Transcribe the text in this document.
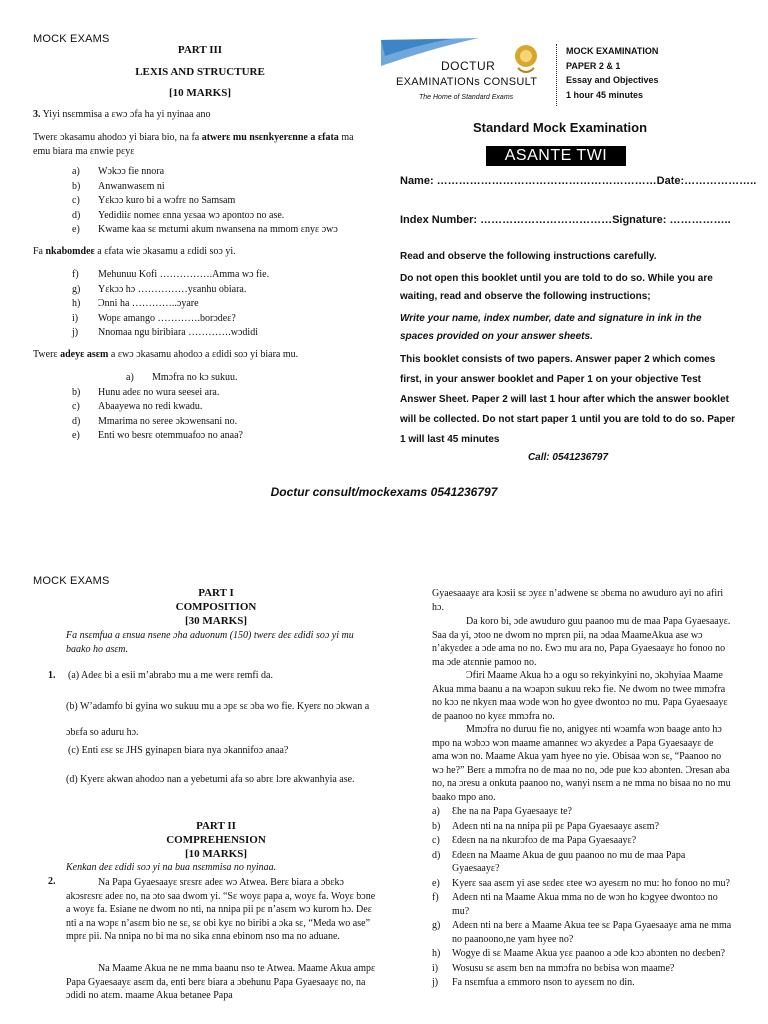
MOCK EXAMS
PART III
LEXIS AND STRUCTURE
[10 MARKS]
3. Yiyi nsɛmmisa a ɛwɔ ɔfa ha yi nyinaa ano
Twerɛ ɔkasamu ahodoɔ yi biara bio, na fa atwerɛ mu nsɛnkyerɛnne a ɛfata ma emu biara ma ɛnwie pɛyɛ
a)	Wɔkɔɔ fie nnora
b)	Anwanwasɛm ni
c)	Yɛkɔɔ kuro bi a wɔfrɛ no Samsam
d)	Yedidiiɛ nomeɛ ɛnna yɛsaa wɔ apontoɔ no ase.
e)	Kwame kaa sɛ mɛtumi akum nwansena na mmom ɛnyɛ ɔwɔ
Fa nkabomdeɛ a ɛfata wie ɔkasamu a ɛdidi soɔ yi.
f)	Mehunuu Kofi …………….Amma wɔ fie.
g)	Yɛkɔɔ hɔ ……………yɛanhu obiara.
h)	Ɔnni ha …………..ɔyare
i)	Wopɛ amango ………….borɔdeɛ?
j)	Nnomaa ngu biribiara ………….wɔdidi
Twerɛ adeyɛ asɛm a ɛwɔ ɔkasamu ahodoɔ a ɛdidi soɔ yi biara mu.
a)	Mmɔfra no kɔ sukuu.
b)	Hunu adeɛ no wura seesei ara.
c)	Abaayewa no redi kwadu.
d)	Mmarima no seree ɔkɔwensani no.
e)	Enti wo besrɛ otemmuafoɔ no anaa?
DOCTUR
EXAMINATIONs CONSULT
The Home of Standard Exams
MOCK EXAMINATION
PAPER 2 & 1
Essay and Objectives
1 hour 45 minutes
Standard Mock Examination
ASANTE TWI
Name: ……………………………………………………Date:………………..
Index Number: ………………………………Signature: ……………..

Read and observe the following instructions carefully.

Do not open this booklet until you are told to do so. While you are waiting, read and observe the following instructions;

Write your name, index number, date and signature in ink in the spaces provided on your answer sheets.

This booklet consists of two papers. Answer paper 2 which comes first, in your answer booklet and Paper 1 on your objective Test Answer Sheet. Paper 2 will last 1 hour after which the answer booklet will be collected. Do not start paper 1 until you are told to do so. Paper 1 will last 45 minutes

Call: 0541236797
Doctur consult/mockexams 0541236797
MOCK EXAMS
PART I
COMPOSITION
[30 MARKS]
Fa nsɛmfua a ɛnsua nsene ɔha aduonum (150) twerɛ deɛ ɛdidi soɔ yi mu baako ho asɛm.
1. (a) Adeɛ bi a esii m’abrabɔ mu a me werɛ remfi da.
(b) W’adamfo bi gyina wo sukuu mu a ɔpɛ sɛ ɔba wo fie. Kyerɛ no ɔkwan a ɔbɛfa so aduru hɔ.
(c) Enti ɛsɛ sɛ JHS gyinapɛn biara nya ɔkannifoɔ anaa?
(d) Kyerɛ akwan ahodoɔ nan a yebetumi afa so abrɛ lɔre akwanhyia ase.
PART II
COMPREHENSION
[10 MARKS]
Kenkan deɛ ɛdidi soɔ yi na bua nsɛmmisa no nyinaa.
2.	Na Papa Gyaesaayɛ srɛsrɛ adeɛ wɔ Atwea. Berɛ biara a ɔbɛkɔ akɔsrɛsrɛ adeɛ no, na ɔto saa dwom yi. “Sɛ woyɛ papa a, woyɛ fa. Woyɛ bɔne a woyɛ fa. Esiane ne dwom no nti, na nnipa pii pɛ n’asɛm wɔ kurom hɔ. Deɛ nti a na wɔpɛ n’asɛm bio ne sɛ, sɛ obi kyɛ no biribi a ɔka sɛ, “Meda wo ase” mprɛ pii. Na nnipa no bi ma no sika ɛnna ebinom nso ma no aduane.
Na Maame Akua ne ne mma baanu nso te Atwea. Maame Akua ampɛ Papa Gyaesaayɛ asɛm da, enti berɛ biara a ɔbehunu Papa Gyaesaayɛ no, na ɔdidi no atɛm. maame Akua betanee Papa
Gyaesaaayɛ ara kɔsii sɛ ɔyɛɛ n’adwene sɛ ɔbɛma no awuduro ayi no afiri hɔ.
Da koro bi, ɔde awuduro guu paanoo mu de maa Papa Gyaesaayɛ. Saa da yi, ɔtoo ne dwom no mprɛn pii, na ɔdaa MaameAkua ase wɔ n’akyɛdeɛ a ɔde ama no no. Ɛwɔ mu ara no, Papa Gyaesaayɛ ho fonoo no ma ɔde atɛnnie pamoo no.
Ɔfiri Maame Akua hɔ a ogu so rekyinkyini no, ɔkɔhyiaa Maame Akua mma baanu a na wɔapɔn sukuu rekɔ fie. Ne dwom no twee mmɔfra no kɔɔ ne nkyɛn maa wɔde wɔn ho gyee dwontoɔ no mu. Papa Gyaesaayɛ de paanoo no kyɛɛ mmɔfra no.
Mmɔfra no duruu fie no, anigyeɛ nti wɔamfa wɔn baage anto hɔ mpo na wɔbɔɔ wɔn maame amanneɛ wɔ akyɛdeɛ a Papa Gyaesaayɛ de ama wɔn no. Maame Akua yam hyee no yie. Obisaa wɔn sɛ, “Paanoo no wɔ he?” Berɛ a mmɔfra no de maa no no, ɔde pue kɔɔ abɔnten. Ɔresan aba no, na ɔresu a onkuta paanoo no, wanyi nsɛm a ne mma no bisaa no no mu baako mpo ano.
a)	Ɛhe na na Papa Gyaesaayɛ te?
b)	Adeɛn nti na na nnipa pii pɛ Papa Gyaesaayɛ asɛm?
c)	Ɛdeɛn na na nkurɔfoɔ de ma Papa Gyaesaayɛ?
d)	Ɛdeɛn na Maame Akua de guu paanoo no mu de maa Papa Gyaesaayɛ?
e)	Kyerɛ saa asɛm yi ase sɛdeɛ ɛtee wɔ ayesɛm no mu: ho fonoo no mu?
f)	Adeɛn nti na Maame Akua mma no de wɔn ho kɔgyee dwontoɔ no mu?
g)	Adeɛn nti na berɛ a Maame Akua tee sɛ Papa Gyaesaayɛ ama ne mma no paanoono,ne yam hyee no?
h)	Wogye di sɛ Maame Akua yɛɛ paanoo a ɔde kɔɔ abɔnten no deɛben?
i)	Wosusu sɛ asɛm bɛn na mmɔfra no bɛbisa wɔn maame?
j)	Fa nsɛmfua a ɛmmoro nson to ayɛsɛm no din.
